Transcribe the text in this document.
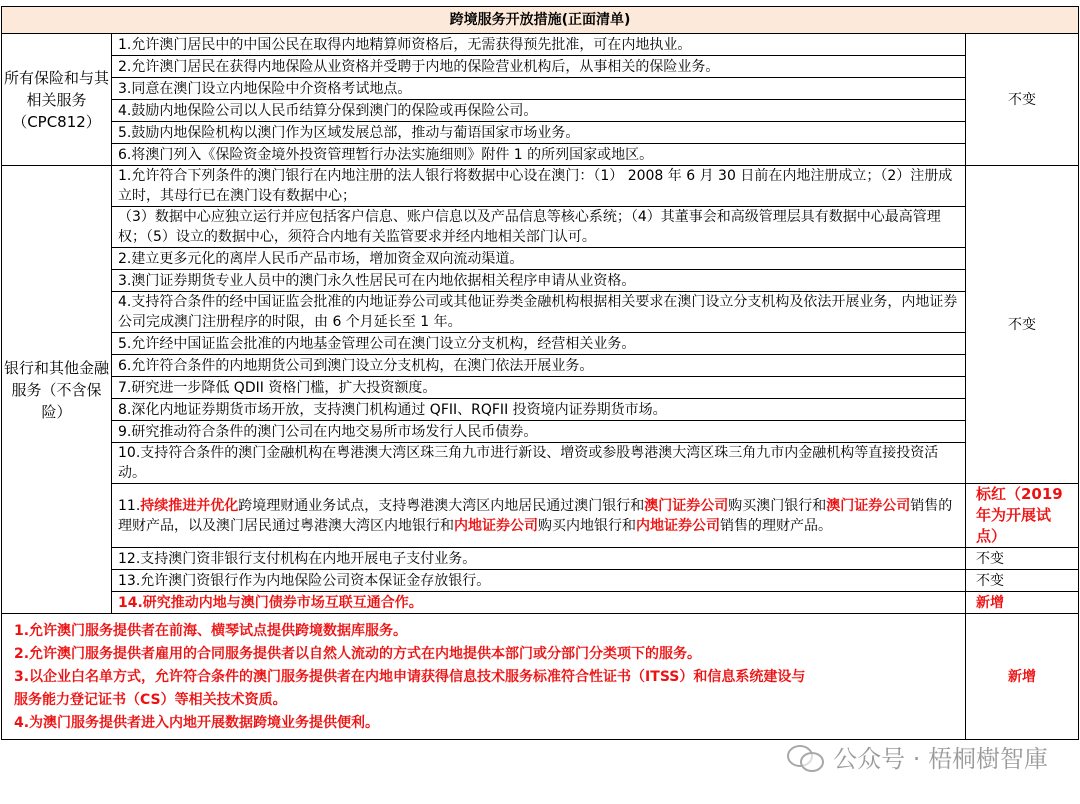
跨境服务开放措施(正面清单)		
所有保险和与其相关服务（CPC812）	1.允许澳门居民中的中国公民在取得内地精算师资格后，无需获得预先批准，可在内地执业。	不变
	2.允许澳门居民在获得内地保险从业资格并受聘于内地的保险营业机构后，从事相关的保险业务。	
	3.同意在澳门设立内地保险中介资格考试地点。	
	4.鼓励内地保险公司以人民币结算分保到澳门的保险或再保险公司。	
	5.鼓励内地保险机构以澳门作为区域发展总部，推动与葡语国家市场业务。	
	6.将澳门列入《保险资金境外投资管理暂行办法实施细则》附件 1 的所列国家或地区。	
银行和其他金融服务（不含保险）	1.允许符合下列条件的澳门银行在内地注册的法人银行将数据中心设在澳门：（1） 2008 年 6 月 30 日前在内地注册成立；（2）注册成立时，其母行已在澳门设有数据中心；	不变
	（3）数据中心应独立运行并应包括客户信息、账户信息以及产品信息等核心系统；（4）其董事会和高级管理层具有数据中心最高管理权；（5）设立的数据中心，须符合内地有关监管要求并经内地相关部门认可。	
	2.建立更多元化的离岸人民币产品市场，增加资金双向流动渠道。	
	3.澳门证券期货专业人员中的澳门永久性居民可在内地依据相关程序申请从业资格。	
	4.支持符合条件的经中国证监会批准的内地证券公司或其他证券类金融机构根据相关要求在澳门设立分支机构及依法开展业务，内地证券公司完成澳门注册程序的时限，由 6 个月延长至 1 年。	
	5.允许经中国证监会批准的内地基金管理公司在澳门设立分支机构，经营相关业务。	
	6.允许符合条件的内地期货公司到澳门设立分支机构，在澳门依法开展业务。	
	7.研究进一步降低 QDII 资格门槛，扩大投资额度。	
	8.深化内地证券期货市场开放，支持澳门机构通过 QFII、RQFII 投资境内证券期货市场。	
	9.研究推动符合条件的澳门公司在内地交易所市场发行人民币债券。	
	10.支持符合条件的澳门金融机构在粤港澳大湾区珠三角九市进行新设、增资或参股粤港澳大湾区珠三角九市内金融机构等直接投资活动。	
	11.持续推进并优化跨境理财通业务试点，支持粤港澳大湾区内地居民通过澳门银行和澳门证券公司购买澳门银行和澳门证券公司销售的理财产品，以及澳门居民通过粤港澳大湾区内地银行和内地证券公司购买内地银行和内地证券公司销售的理财产品。	标红（2019 年为开展试点）
	12.支持澳门资非银行支付机构在内地开展电子支付业务。	不变
	13.允许澳门资银行作为内地保险公司资本保证金存放银行。	不变
	14.研究推动内地与澳门债券市场互联互通合作。	新增

1.允许澳门服务提供者在前海、横琴试点提供跨境数据库服务。
2.允许澳门服务提供者雇用的合同服务提供者以自然人流动的方式在内地提供本部门或分部门分类项下的服务。
3.以企业白名单方式，允许符合条件的澳门服务提供者在内地申请获得信息技术服务标准符合性证书（ITSS）和信息系统建设与
服务能力登记证书（CS）等相关技术资质。
4.为澳门服务提供者进入内地开展数据跨境业务提供便利。		新增
公众号 · 梧桐樹智庫
